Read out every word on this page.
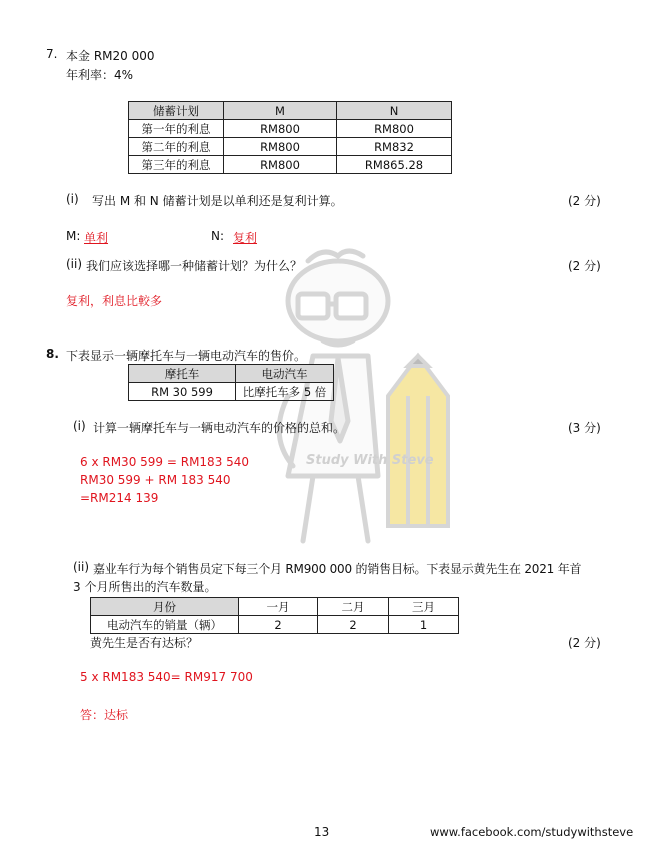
Study With Steve
7. 本金 RM20 000
年利率：4%
储蓄计划	M	N
第一年的利息	RM800	RM800
第二年的利息	RM800	RM832
第三年的利息	RM800	RM865.28
(i) 写出 M 和 N 储蓄计划是以单利还是复利计算。	(2 分)
M: 单利	N: 复利
(ii) 我们应该选择哪一种储蓄计划？为什么？	(2 分)
复利，利息比較多
8. 下表显示一辆摩托车与一辆电动汽车的售价。
摩托车	电动汽车
RM 30 599	比摩托车多 5 倍
(i) 计算一辆摩托车与一辆电动汽车的价格的总和。	(3 分)
6 x RM30 599 = RM183 540
RM30 599 + RM 183 540
=RM214 139
(ii) 嘉业车行为每个销售员定下每三个月 RM900 000 的销售目标。下表显示黄先生在 2021 年首
3 个月所售出的汽车数量。
月份	一月	二月	三月
电动汽车的销量（辆）	2	2	1
黄先生是否有达标？	(2 分)
5 x RM183 540= RM917 700
答：达标
13	www.facebook.com/studywithsteve
